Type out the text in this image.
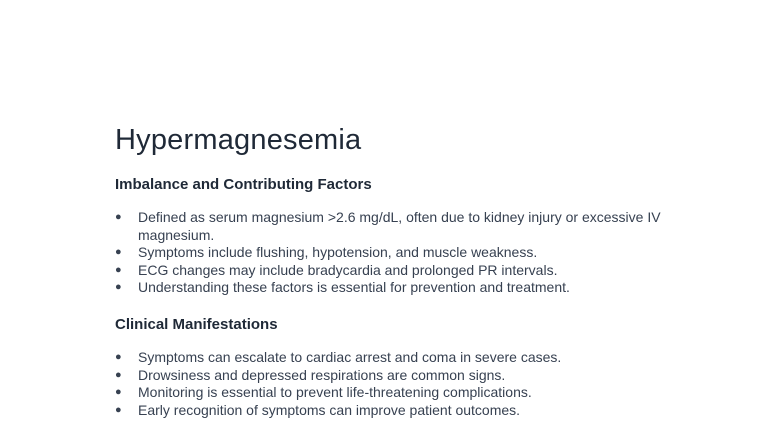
Hypermagnesemia
Imbalance and Contributing Factors
●	Defined as serum magnesium >2.6 mg/dL, often due to kidney injury or excessive IV magnesium.
●	Symptoms include flushing, hypotension, and muscle weakness.
●	ECG changes may include bradycardia and prolonged PR intervals.
●	Understanding these factors is essential for prevention and treatment.
Clinical Manifestations
●	Symptoms can escalate to cardiac arrest and coma in severe cases.
●	Drowsiness and depressed respirations are common signs.
●	Monitoring is essential to prevent life-threatening complications.
●	Early recognition of symptoms can improve patient outcomes.
